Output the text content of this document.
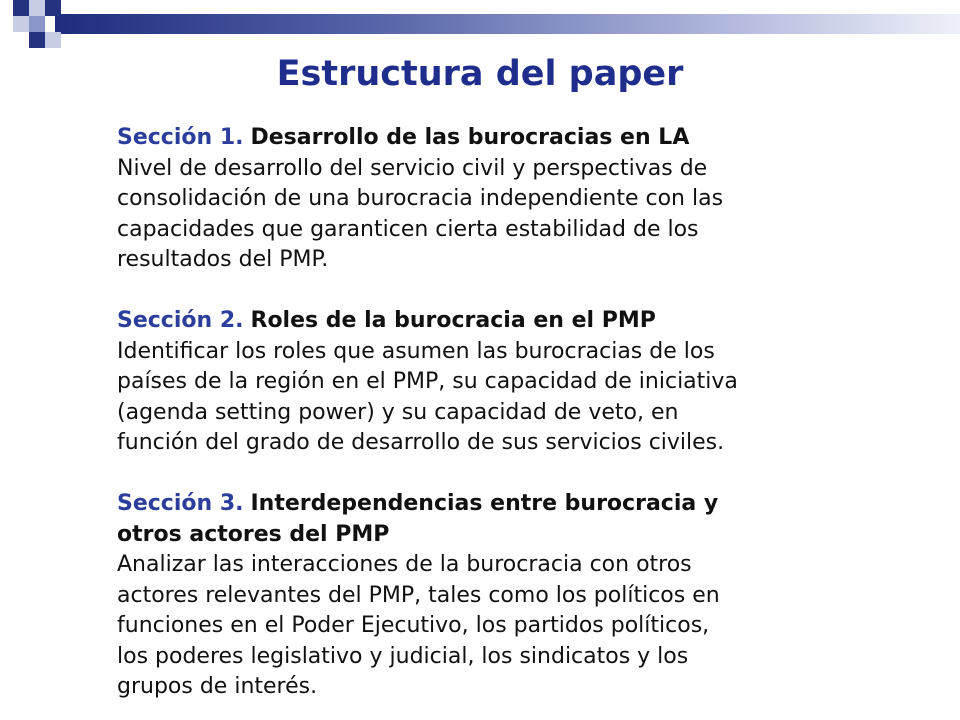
Estructura del paper
Sección 1. Desarrollo de las burocracias en LA
Nivel de desarrollo del servicio civil y perspectivas de
consolidación de una burocracia independiente con las
capacidades que garanticen cierta estabilidad de los
resultados del PMP.
Sección 2. Roles de la burocracia en el PMP
Identificar los roles que asumen las burocracias de los
países de la región en el PMP, su capacidad de iniciativa
(agenda setting power) y su capacidad de veto, en
función del grado de desarrollo de sus servicios civiles.
Sección 3. Interdependencias entre burocracia y
otros actores del PMP
Analizar las interacciones de la burocracia con otros
actores relevantes del PMP, tales como los políticos en
funciones en el Poder Ejecutivo, los partidos políticos,
los poderes legislativo y judicial, los sindicatos y los
grupos de interés.
